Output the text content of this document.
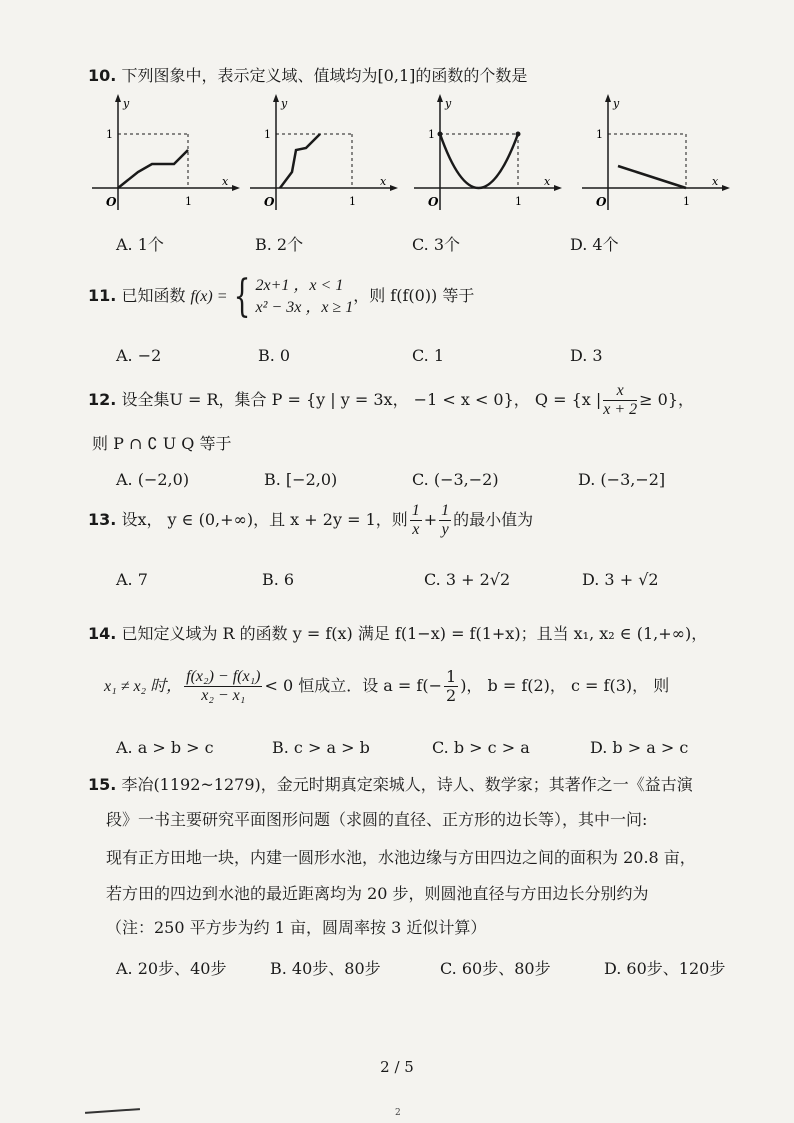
10. 下列图象中，表示定义域、值域均为[0,1]的函数的个数是
y
1
O	1
x
y
1
O	1
x
y
1
O	1
x
y
1
O	1
x
A. 1个	B. 2个	C. 3个	D. 4个
11. 已知函数 f(x) = { 2x+1 ，x < 1
x² − 3x ，x ≥ 1
，则 f(f(0)) 等于
A. −2	B. 0	C. 1	D. 3
12. 设全集U = R，集合 P = {y | y = 3x， −1 < x < 0}， Q = {x | $\frac{x}{x + 2} \ge 0$}，
则 P ∩ ∁ U Q 等于
A. (−2,0)	B. [−2,0)	C. (−3,−2)	D. (−3,−2]
13. 设x， y ∈ (0,+∞)，且 x + 2y = 1，则 $\frac{1}{x} + \frac{1}{y}$ 的最小值为
A. 7	B. 6	C. 3 + 2√2	D. 3 + √2
14. 已知定义域为 R 的函数 y = f(x) 满足 f(1−x) = f(1+x)；且当 x₁, x₂ ∈ (1,+∞)，
x₁ ≠ x₂ 时， $\frac{\text{f(x₂) − f(x₁)}}{\text{x₂ − x₁}} < 0$ 恒成立．设 $a = f(- \frac{1}{2}$ )， b = f(2)， c = f(3)， 则
A. a > b > c	B. c > a > b	C. b > c > a	D. b > a > c
15. 李冶(1192~1279)，金元时期真定栾城人，诗人、数学家；其著作之一《益古演
段》一书主要研究平面图形问题（求圆的直径、正方形的边长等），其中一问:
现有正方田地一块，内建一圆形水池，水池边缘与方田四边之间的面积为 20.8 亩，
若方田的四边到水池的最近距离均为 20 步，则圆池直径与方田边长分别约为
（注：250 平方步为约 1 亩，圆周率按 3 近似计算）
A. 20步、40步	B. 40步、80步	C. 60步、80步	D. 60步、120步
2 / 5
2
